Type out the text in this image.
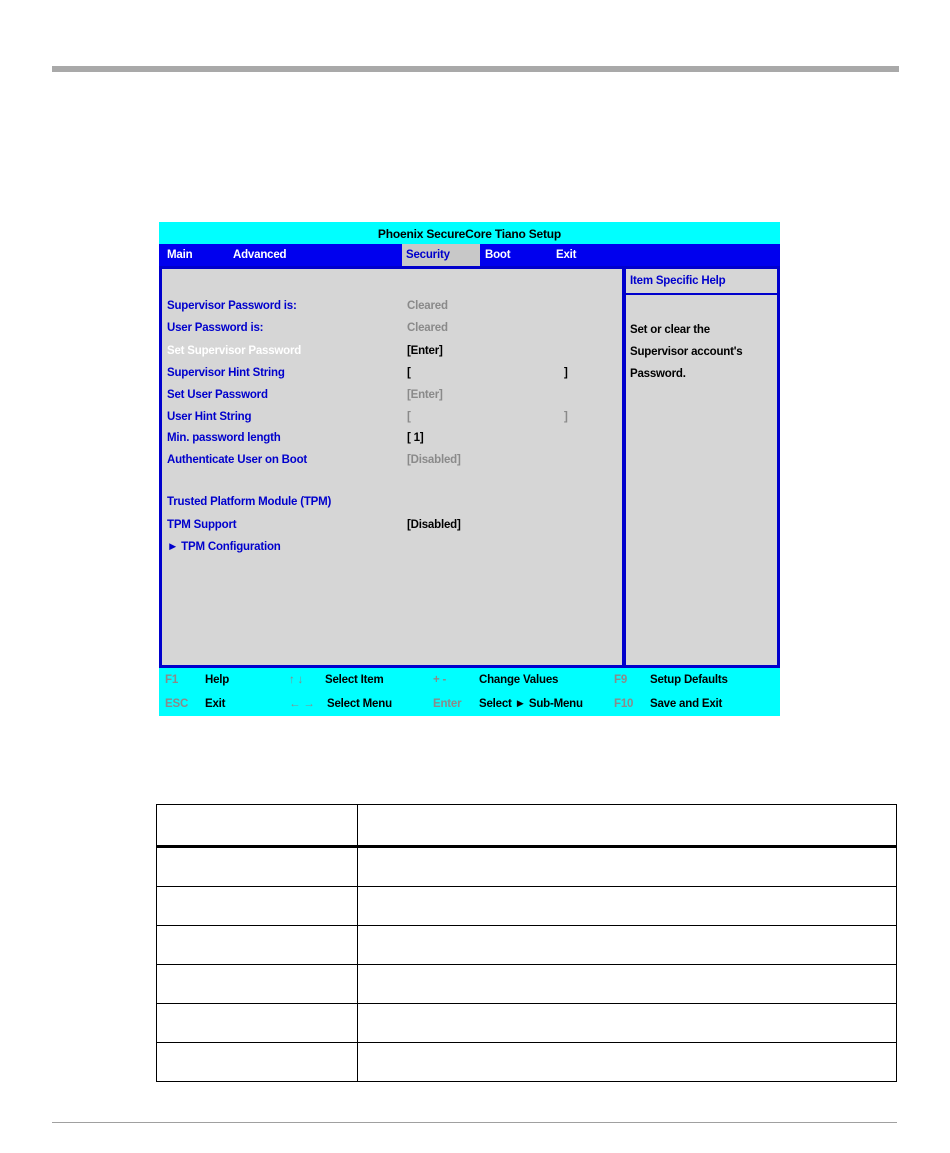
Phoenix SecureCore Tiano Setup
Main	Advanced	Security	Boot	Exit
Supervisor Password is:	Cleared
User Password is:	Cleared
Set Supervisor Password	[Enter]
Supervisor Hint String	[	]
Set User Password	[Enter]
User Hint String	[	]
Min. password length	[ 1]
Authenticate User on Boot	[Disabled]
Trusted Platform Module (TPM)
TPM Support	[Disabled]
► TPM Configuration
Item Specific Help
Set or clear the
Supervisor account's
Password.
F1 Help	↑ ↓ Select Item	+ -	Change Values	F9 Setup Defaults
ESC Exit	← → Select Menu	Enter Select ► Sub-Menu	F10 Save and Exit
